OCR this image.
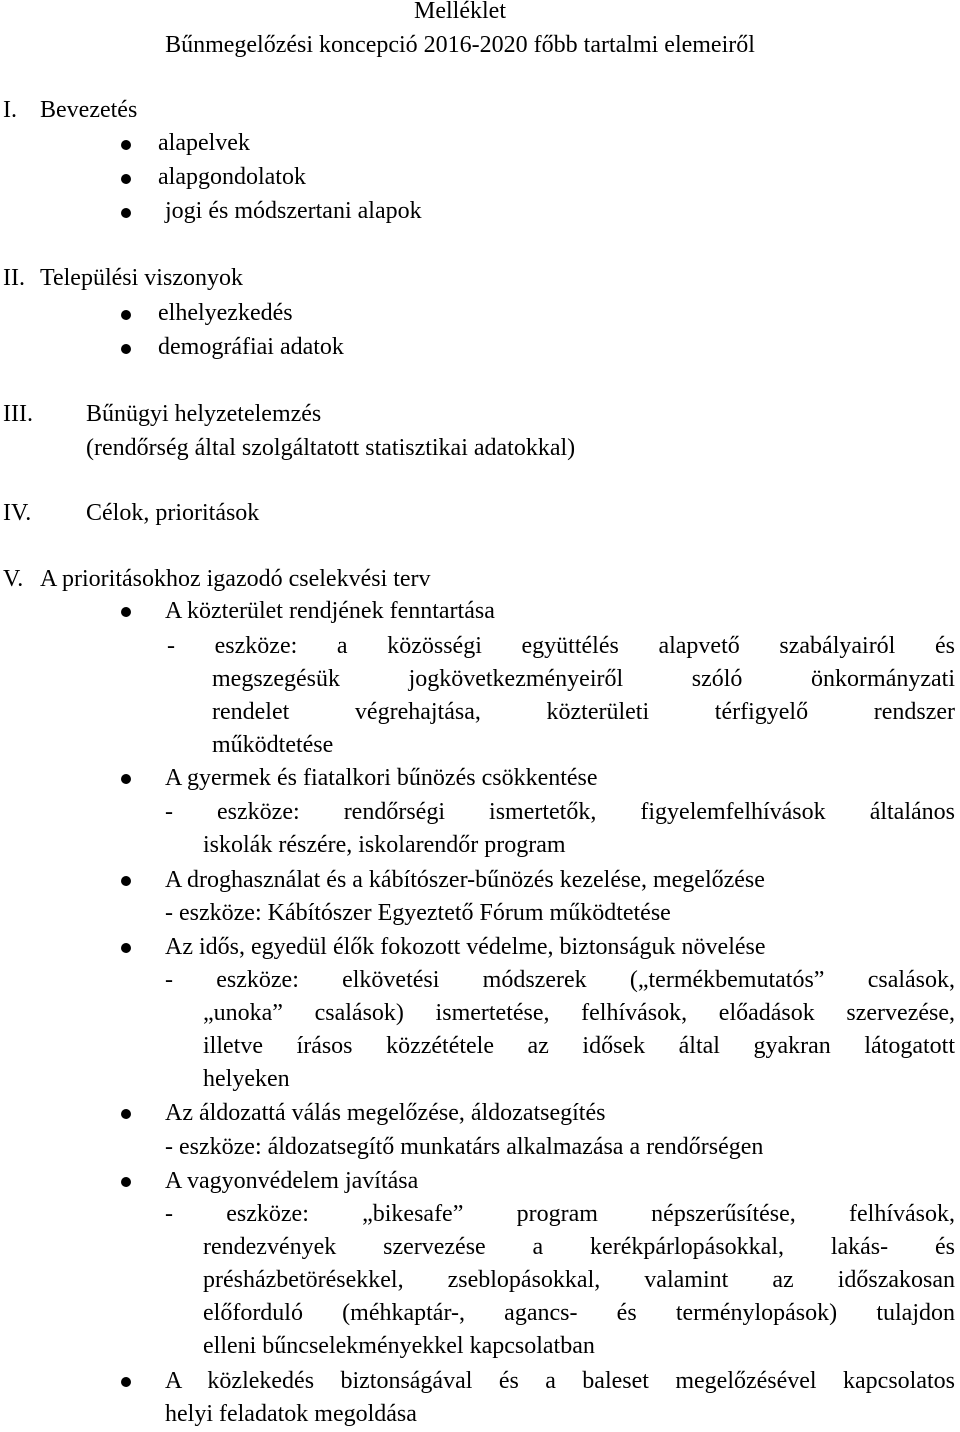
Melléklet
Bűnmegelőzési koncepció 2016-2020 főbb tartalmi elemeiről
I. Bevezetés
alapelvek
alapgondolatok
jogi és módszertani alapok
II. Települési viszonyok
elhelyezkedés
demográfiai adatok
III. Bűnügyi helyzetelemzés
(rendőrség által szolgáltatott statisztikai adatokkal)
IV. Célok, prioritások
V. A prioritásokhoz igazodó cselekvési terv
A közterület rendjének fenntartása
- eszköze: a közösségi együttélés alapvető szabályairól és
megszegésük jogkövetkezményeiről szóló önkormányzati
rendelet végrehajtása, közterületi térfigyelő rendszer
működtetése
A gyermek és fiatalkori bűnözés csökkentése
- eszköze: rendőrségi ismertetők, figyelemfelhívások általános
iskolák részére, iskolarendőr program
A droghasználat és a kábítószer-bűnözés kezelése, megelőzése
- eszköze: Kábítószer Egyeztető Fórum működtetése
Az idős, egyedül élők fokozott védelme, biztonságuk növelése
- eszköze: elkövetési módszerek („termékbemutatós” csalások,
„unoka” csalások) ismertetése, felhívások, előadások szervezése,
illetve írásos közzététele az idősek által gyakran látogatott
helyeken
Az áldozattá válás megelőzése, áldozatsegítés
- eszköze: áldozatsegítő munkatárs alkalmazása a rendőrségen
A vagyonvédelem javítása
- eszköze: „bikesafe” program népszerűsítése, felhívások,
rendezvények szervezése a kerékpárlopásokkal, lakás- és
présházbetörésekkel, zseblopásokkal, valamint az időszakosan
előforduló (méhkaptár-, agancs- és terménylopások) tulajdon
elleni bűncselekményekkel kapcsolatban
A közlekedés biztonságával és a baleset megelőzésével kapcsolatos
helyi feladatok megoldása
